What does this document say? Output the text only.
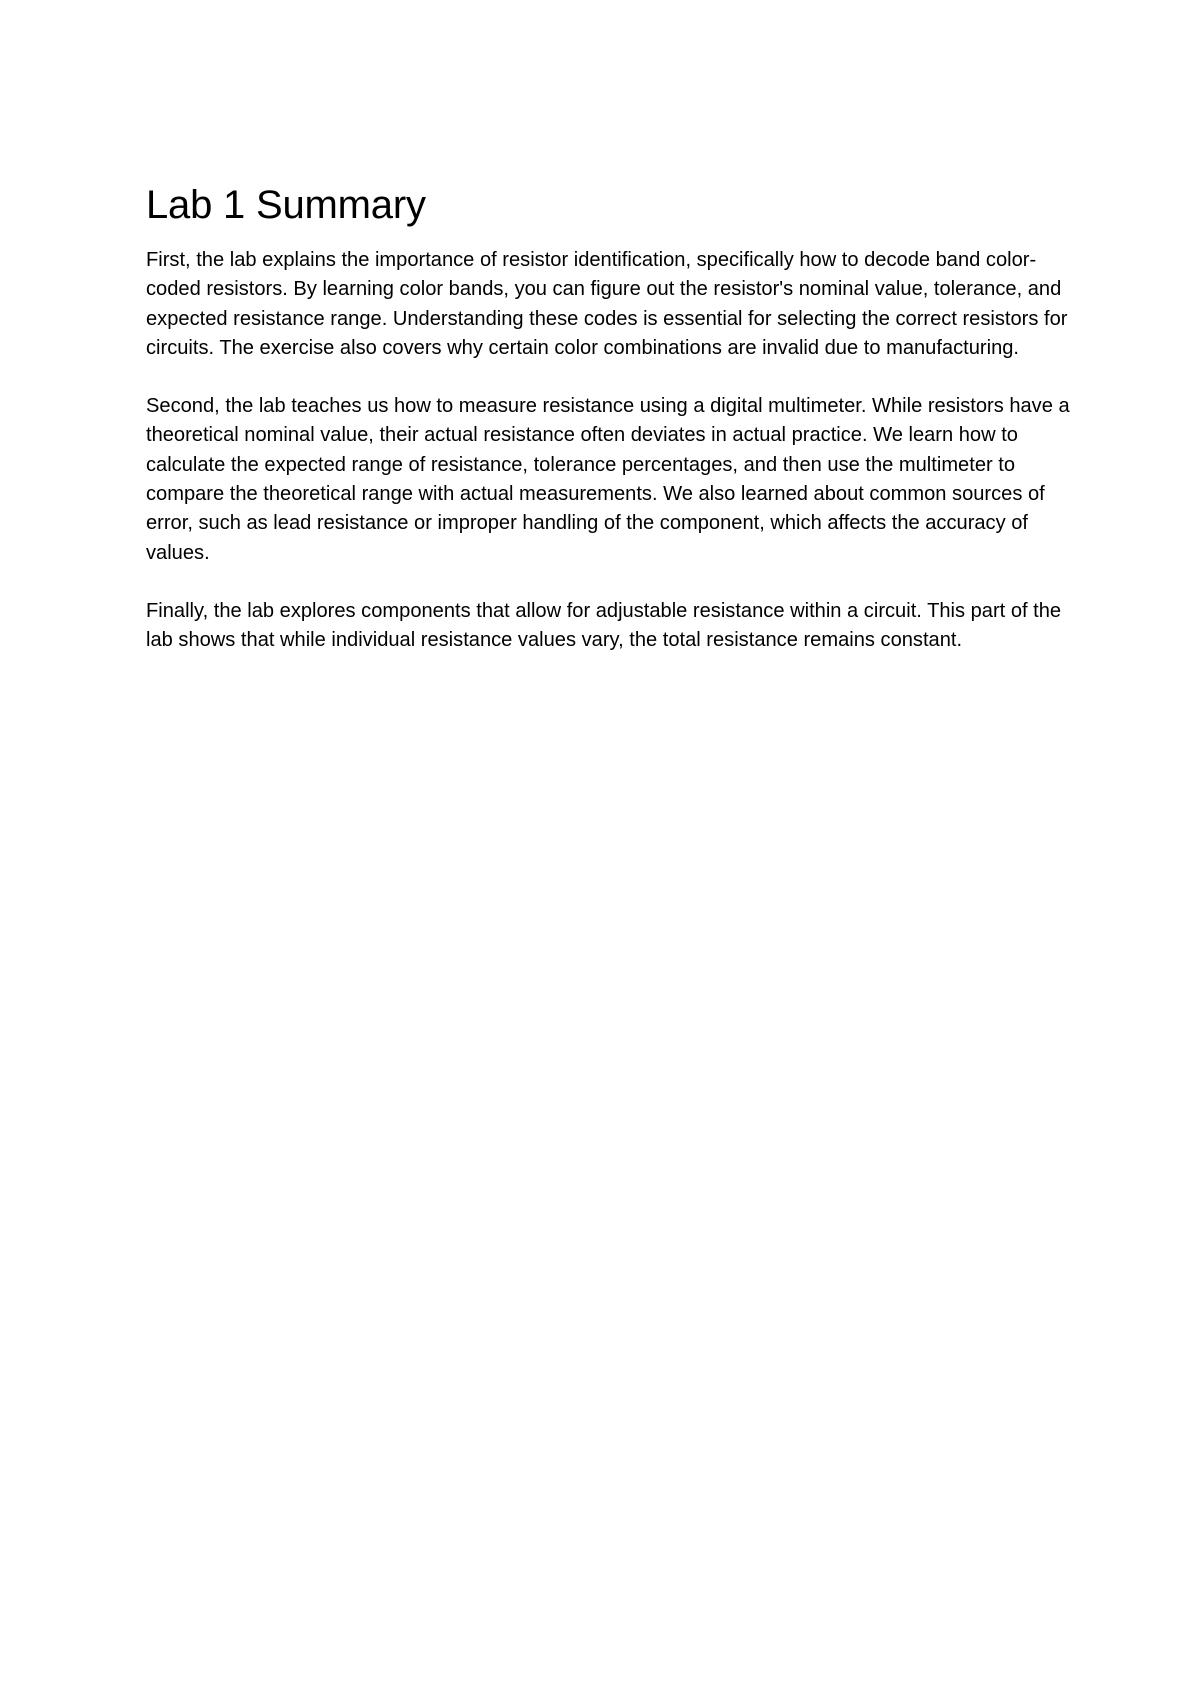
Lab 1 Summary

First, the lab explains the importance of resistor identification, specifically how to decode band color-coded resistors. By learning color bands, you can figure out the resistor's nominal value, tolerance, and expected resistance range. Understanding these codes is essential for selecting the correct resistors for circuits. The exercise also covers why certain color combinations are invalid due to manufacturing.

Second, the lab teaches us how to measure resistance using a digital multimeter. While resistors have a theoretical nominal value, their actual resistance often deviates in actual practice. We learn how to calculate the expected range of resistance, tolerance percentages, and then use the multimeter to compare the theoretical range with actual measurements. We also learned about common sources of error, such as lead resistance or improper handling of the component, which affects the accuracy of values.

Finally, the lab explores components that allow for adjustable resistance within a circuit. This part of the lab shows that while individual resistance values vary, the total resistance remains constant.
